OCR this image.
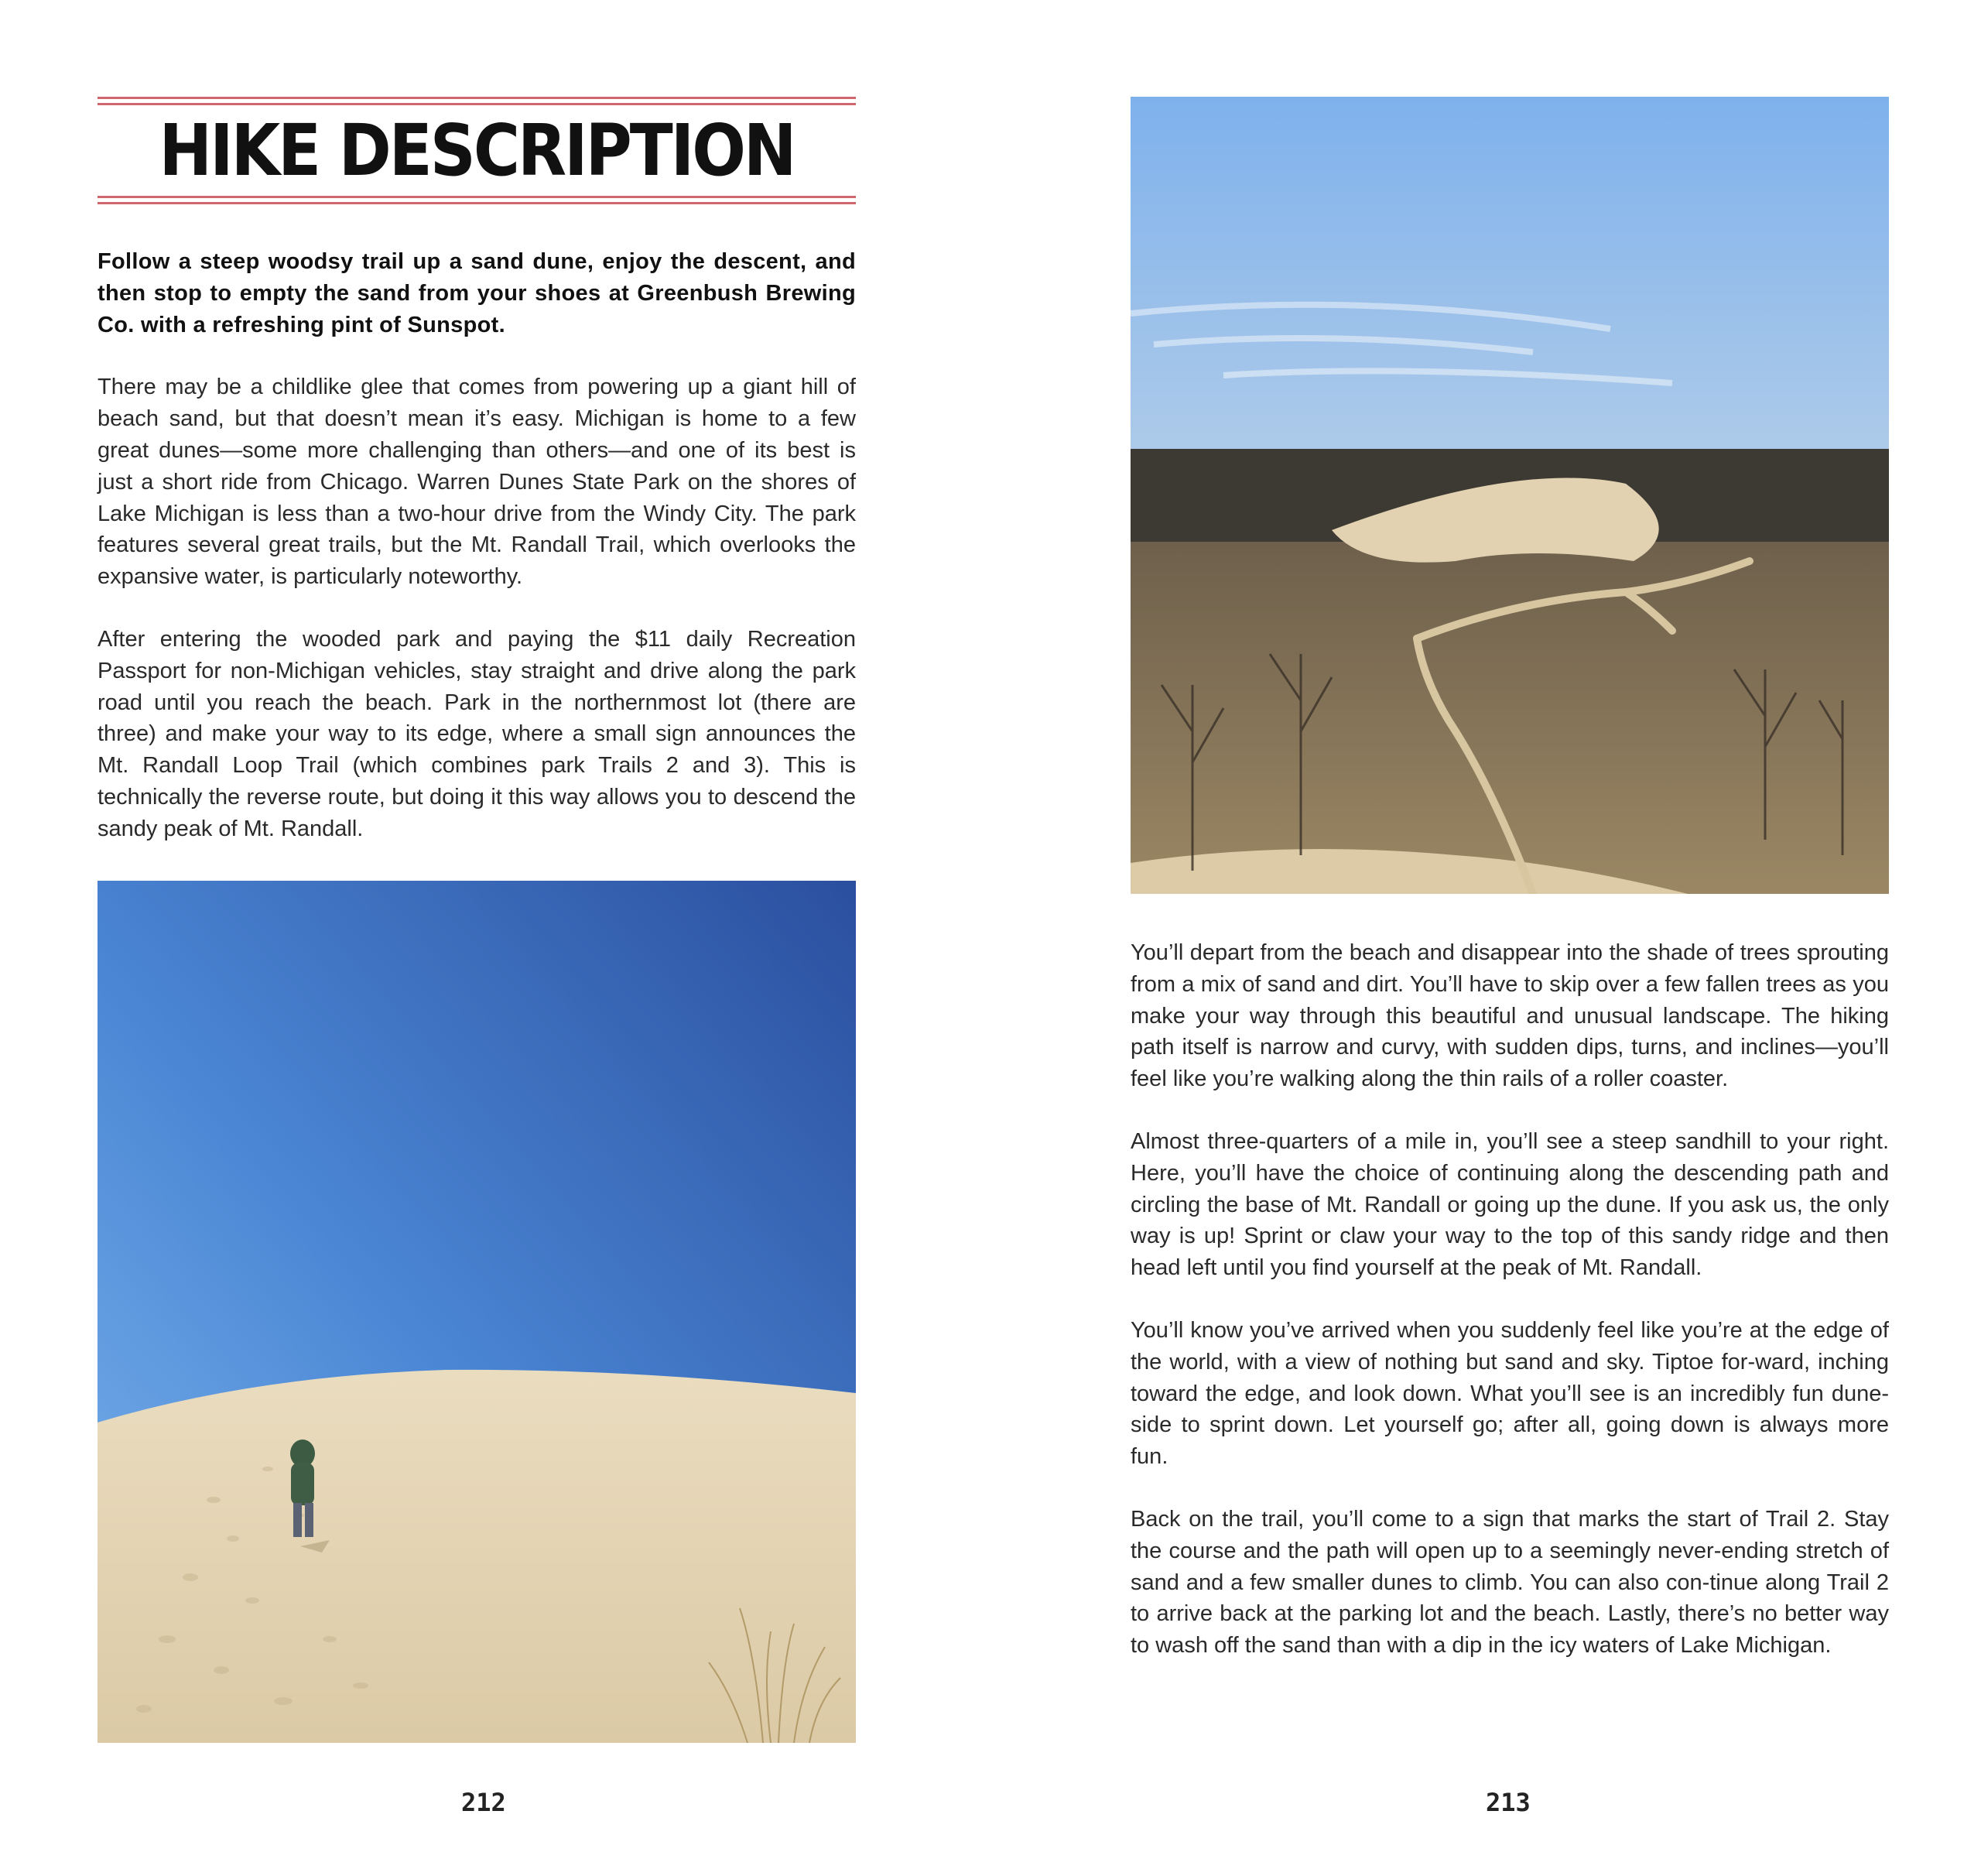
HIKE DESCRIPTION

Follow a steep woodsy trail up a sand dune, enjoy the descent, and then stop to empty the sand from your shoes at Greenbush Brewing Co. with a refreshing pint of Sunspot.

There may be a childlike glee that comes from powering up a giant hill of beach sand, but that doesn’t mean it’s easy. Michigan is home to a few great dunes—some more challenging than others—and one of its best is just a short ride from Chicago. Warren Dunes State Park on the shores of Lake Michigan is less than a two-hour drive from the Windy City. The park features several great trails, but the Mt. Randall Trail, which overlooks the expansive water, is particularly noteworthy.

After entering the wooded park and paying the $11 daily Recreation Passport for non-Michigan vehicles, stay straight and drive along the park road until you reach the beach. Park in the northernmost lot (there are three) and make your way to its edge, where a small sign announces the Mt. Randall Loop Trail (which combines park Trails 2 and 3). This is technically the reverse route, but doing it this way allows you to descend the sandy peak of Mt. Randall.

212

You’ll depart from the beach and disappear into the shade of trees sprouting from a mix of sand and dirt. You’ll have to skip over a few fallen trees as you make your way through this beautiful and unusual landscape. The hiking path itself is narrow and curvy, with sudden dips, turns, and inclines—you’ll feel like you’re walking along the thin rails of a roller coaster.

Almost three-quarters of a mile in, you’ll see a steep sandhill to your right. Here, you’ll have the choice of continuing along the descending path and circling the base of Mt. Randall or going up the dune. If you ask us, the only way is up! Sprint or claw your way to the top of this sandy ridge and then head left until you find yourself at the peak of Mt. Randall.

You’ll know you’ve arrived when you suddenly feel like you’re at the edge of the world, with a view of nothing but sand and sky. Tiptoe for-ward, inching toward the edge, and look down. What you’ll see is an incredibly fun dune-side to sprint down. Let yourself go; after all, going down is always more fun.

Back on the trail, you’ll come to a sign that marks the start of Trail 2. Stay the course and the path will open up to a seemingly never-ending stretch of sand and a few smaller dunes to climb. You can also con-tinue along Trail 2 to arrive back at the parking lot and the beach. Lastly, there’s no better way to wash off the sand than with a dip in the icy waters of Lake Michigan.

213
